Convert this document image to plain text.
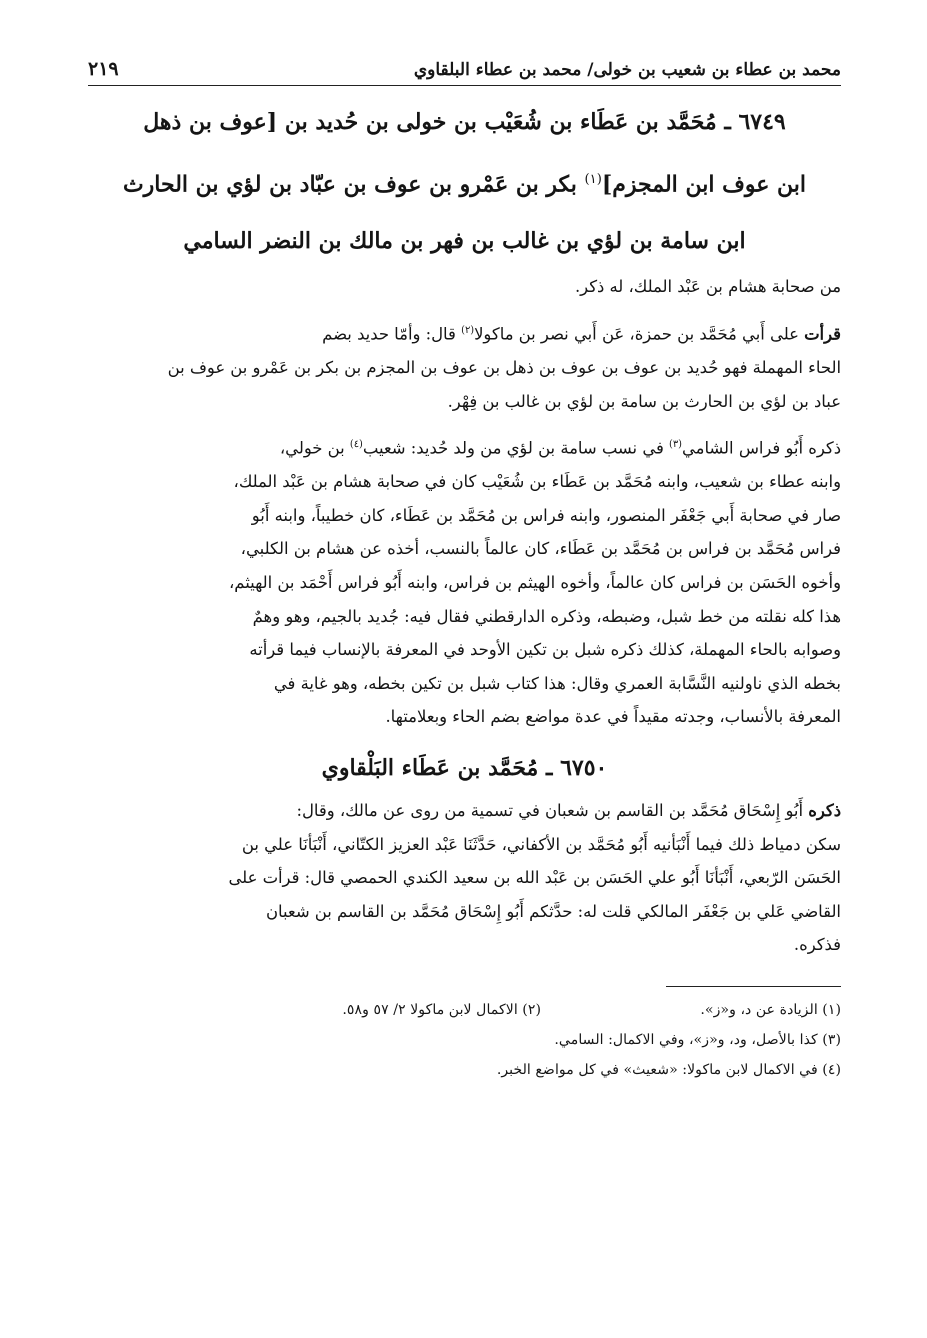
محمد بن عطاء بن شعيب بن خولى/ محمد بن عطاء البلقاوي
٢١٩
٦٧٤٩ ـ مُحَمَّد بن عَطَاء بن شُعَيْب بن خولى بن حُديد بن [عوف بن ذهل
ابن عوف ابن المجزم]$^{(١)}$ بكر بن عَمْرو بن عوف بن عبّاد بن لؤي بن الحارث
ابن سامة بن لؤي بن غالب بن فهر بن مالك بن النضر السامي

من صحابة هشام بن عَبْد الملك، له ذكر.

قرأت على أَبي مُحَمَّد بن حمزة، عَن أَبي نصر بن ماكولا$^{(٢)}$ قال: وأمّا حديد بضم
الحاء المهملة فهو حُديد بن عوف بن عوف بن ذهل بن عوف بن المجزم بن بكر بن عَمْرو بن عوف بن
عباد بن لؤي بن الحارث بن سامة بن لؤي بن غالب بن فِهْر.

ذكره أَبُو فراس الشامي$^{(٣)}$ في نسب سامة بن لؤي من ولد حُديد: شعيب$^{(٤)}$ بن خولي،
وابنه عطاء بن شعيب، وابنه مُحَمَّد بن عَطَاء بن شُعَيْب كان في صحابة هشام بن عَبْد الملك،
صار في صحابة أَبي جَعْفَر المنصور، وابنه فراس بن مُحَمَّد بن عَطَاء، كان خطيباً، وابنه أَبُو
فراس مُحَمَّد بن فراس بن مُحَمَّد بن عَطَاء، كان عالماً بالنسب، أخذه عن هشام بن الكلبي،
وأخوه الحَسَن بن فراس كان عالماً، وأخوه الهيثم بن فراس، وابنه أَبُو فراس أَحْمَد بن الهيثم،
هذا كله نقلته من خط شبل، وضبطه، وذكره الدارقطني فقال فيه: جُديد بالجيم، وهو وهمٌ
وصوابه بالحاء المهملة، كذلك ذكره شبل بن تكين الأوحد في المعرفة بالإنساب فيما قرأته
بخطه الذي ناولنيه النَّسَّابة العمري وقال: هذا كتاب شبل بن تكين بخطه، وهو غاية في
المعرفة بالأنساب، وجدته مقيداً في عدة مواضع بضم الحاء وبعلامتها.

٦٧٥٠ ـ مُحَمَّد بن عَطَاء البَلْقاوي

ذكره أَبُو إِسْحَاق مُحَمَّد بن القاسم بن شعبان في تسمية من روى عن مالك، وقال:
سكن دمياط ذلك فيما أَنْبَأنيه أَبُو مُحَمَّد بن الأكفاني، حَدَّثَنَا عَبْد العزيز الكتّاني، أَنْبَأنَا علي بن
الحَسَن الرّبعي، أَنْبَأنَا أَبُو علي الحَسَن بن عَبْد الله بن سعيد الكندي الحمصي قال: قرأت على
القاضي عَلي بن جَعْفَر المالكي قلت له: حدَّثكم أَبُو إِسْحَاق مُحَمَّد بن القاسم بن شعبان
فذكره.

(١) الزيادة عن د، و«ز».
(٢) الاكمال لابن ماكولا ٢/ ٥٧ و٥٨.
(٣) كذا بالأصل، ود، و«ز»، وفي الاكمال: السامي.
(٤) في الاكمال لابن ماكولا: «شعيث» في كل مواضع الخبر.
